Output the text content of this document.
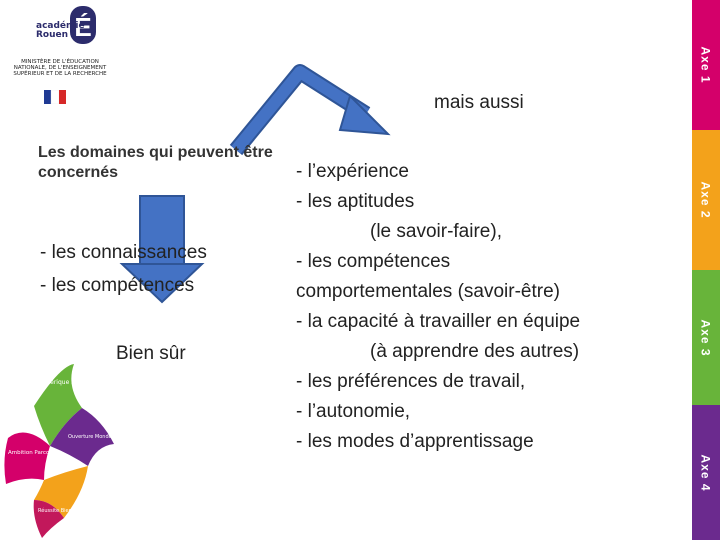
É
académie
Rouen
MINISTÈRE DE L'ÉDUCATION NATIONALE, DE L'ENSEIGNEMENT SUPÉRIEUR ET DE LA RECHERCHE
mais aussi
Les domaines qui peuvent être concernés
- les connaissances
- les compétences
Bien sûr
- l’expérience
- les aptitudes
(le savoir-faire),
- les compétences
comportementales (savoir-être)
- la capacité à travailler en équipe
(à apprendre des autres)
- les préférences de travail,
- l’autonomie,
- les modes d’apprentissage
Axe 1
Axe 2
Axe 3
Axe 4
Numérique Pédagogie
Ouverture Monde
Ambition Parcours
Réussite Bien-être
